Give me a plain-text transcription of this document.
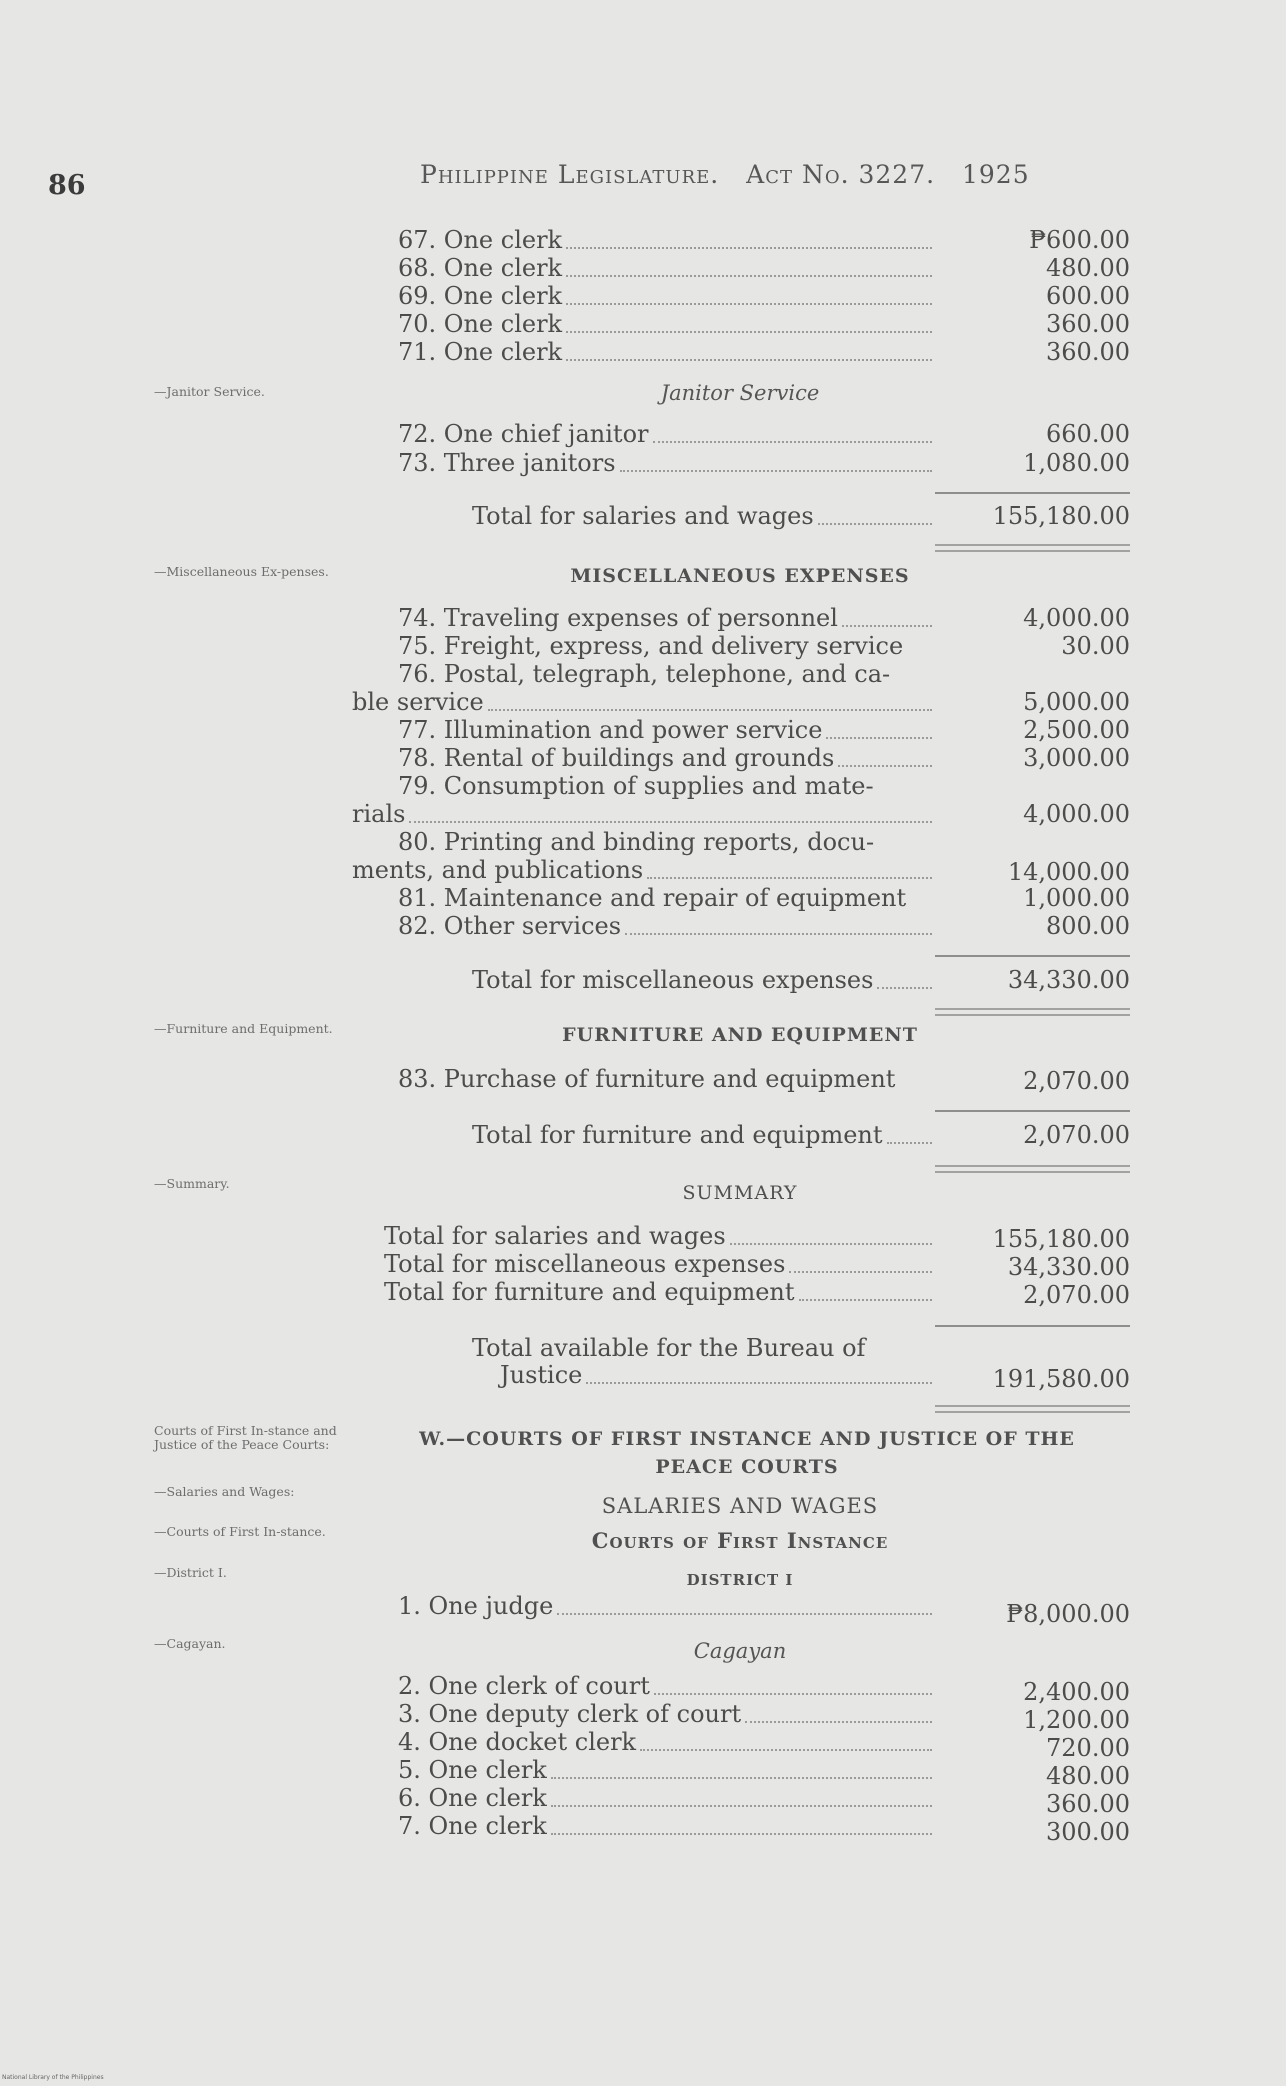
86	Philippine Legislature. Act No. 3227. 1925
—Janitor Service.
—Miscellaneous Ex-penses.
—Furniture and Equipment.
—Summary.
Courts of First In-stance and Justice of the Peace Courts:
—Salaries and Wages:
—Courts of First In-stance.
—District I.
—Cagayan.
67. One clerk	₱600.00
68. One clerk	480.00
69. One clerk	600.00
70. One clerk	360.00
71. One clerk	360.00
Janitor Service
72. One chief janitor	660.00
73. Three janitors	1,080.00
Total for salaries and wages	155,180.00
MISCELLANEOUS EXPENSES
74. Traveling expenses of personnel	4,000.00
75. Freight, express, and delivery service	30.00
76. Postal, telegraph, telephone, and ca-
ble service	5,000.00
77. Illumination and power service	2,500.00
78. Rental of buildings and grounds	3,000.00
79. Consumption of supplies and mate-
rials	4,000.00
80. Printing and binding reports, docu-
ments, and publications	14,000.00
81. Maintenance and repair of equipment	1,000.00
82. Other services	800.00
Total for miscellaneous expenses	34,330.00
FURNITURE AND EQUIPMENT
83. Purchase of furniture and equipment	2,070.00
Total for furniture and equipment	2,070.00
SUMMARY
Total for salaries and wages	155,180.00
Total for miscellaneous expenses	34,330.00
Total for furniture and equipment	2,070.00
Total available for the Bureau of
Justice	191,580.00
W.—COURTS OF FIRST INSTANCE AND JUSTICE OF THE
PEACE COURTS
SALARIES AND WAGES
Courts of First Instance
DISTRICT I
1. One judge	₱8,000.00
Cagayan
2. One clerk of court	2,400.00
3. One deputy clerk of court	1,200.00
4. One docket clerk	720.00
5. One clerk	480.00
6. One clerk	360.00
7. One clerk	300.00
National Library of the Philippines
